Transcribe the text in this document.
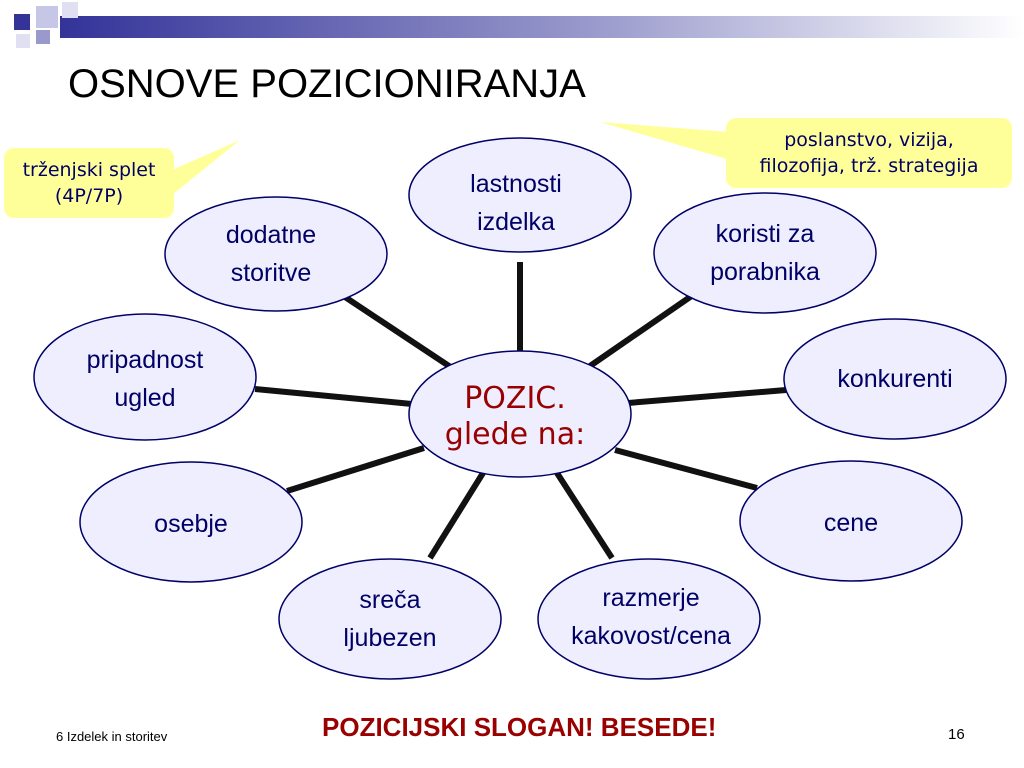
OSNOVE POZICIONIRANJA
trženjski splet
(4P/7P)
poslanstvo, vizija,
filozofija, trž. strategija
lastnosti
izdelka	koristi za
porabnika
konkurenti
cene
razmerje
kakovost/cena
sreča
ljubezen
osebje
pripadnost
ugled
dodatne
storitve
POZIC.
glede na:
6 Izdelek in storitev	POZICIJSKI SLOGAN! BESEDE!	16
